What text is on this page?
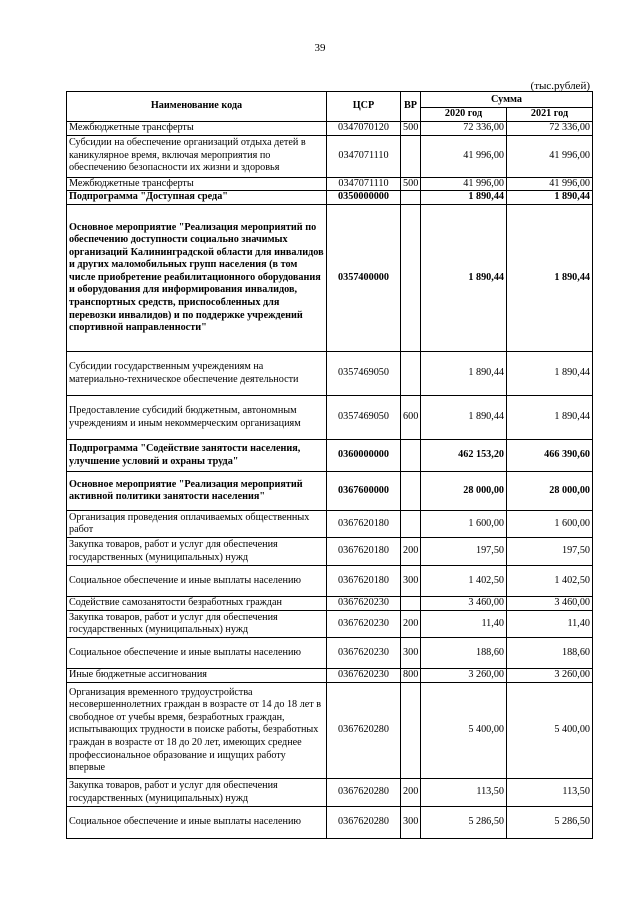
39
(тыс.рублей)
Наименование кода	ЦСР	ВР	Сумма	
			2020 год	2021 год
Межбюджетные трансферты	0347070120	500	72 336,00	72 336,00
Субсидии на обеспечение организаций отдыха детей в каникулярное время, включая мероприятия по обеспечению безопасности их жизни и здоровья	0347071110		41 996,00	41 996,00
Межбюджетные трансферты	0347071110	500	41 996,00	41 996,00
Подпрограмма "Доступная среда"	0350000000		1 890,44	1 890,44
Основное мероприятие "Реализация мероприятий по обеспечению доступности социально значимых организаций Калининградской области для инвалидов и других маломобильных групп населения (в том числе приобретение реабилитационного оборудования и оборудования для информирования инвалидов, транспортных средств, приспособленных для перевозки инвалидов) и по поддержке учреждений спортивной направленности"	0357400000		1 890,44	1 890,44
Субсидии государственным учреждениям на материально-техническое обеспечение деятельности	0357469050		1 890,44	1 890,44
Предоставление субсидий бюджетным, автономным учреждениям и иным некоммерческим организациям	0357469050	600	1 890,44	1 890,44
Подпрограмма "Содействие занятости населения, улучшение условий и охраны труда"	0360000000		462 153,20	466 390,60
Основное мероприятие "Реализация мероприятий активной политики занятости населения"	0367600000		28 000,00	28 000,00
Организация проведения оплачиваемых общественных работ	0367620180		1 600,00	1 600,00
Закупка товаров, работ и услуг для обеспечения государственных (муниципальных) нужд	0367620180	200	197,50	197,50
Социальное обеспечение и иные выплаты населению	0367620180	300	1 402,50	1 402,50
Содействие самозанятости безработных граждан	0367620230		3 460,00	3 460,00
Закупка товаров, работ и услуг для обеспечения государственных (муниципальных) нужд	0367620230	200	11,40	11,40
Социальное обеспечение и иные выплаты населению	0367620230	300	188,60	188,60
Иные бюджетные ассигнования	0367620230	800	3 260,00	3 260,00
Организация временного трудоустройства несовершеннолетних граждан в возрасте от 14 до 18 лет в свободное от учебы время, безработных граждан, испытывающих трудности в поиске работы, безработных граждан в возрасте от 18 до 20 лет, имеющих среднее профессиональное образование и ищущих работу впервые	0367620280		5 400,00	5 400,00
Закупка товаров, работ и услуг для обеспечения государственных (муниципальных) нужд	0367620280	200	113,50	113,50
Социальное обеспечение и иные выплаты населению	0367620280	300	5 286,50	5 286,50
